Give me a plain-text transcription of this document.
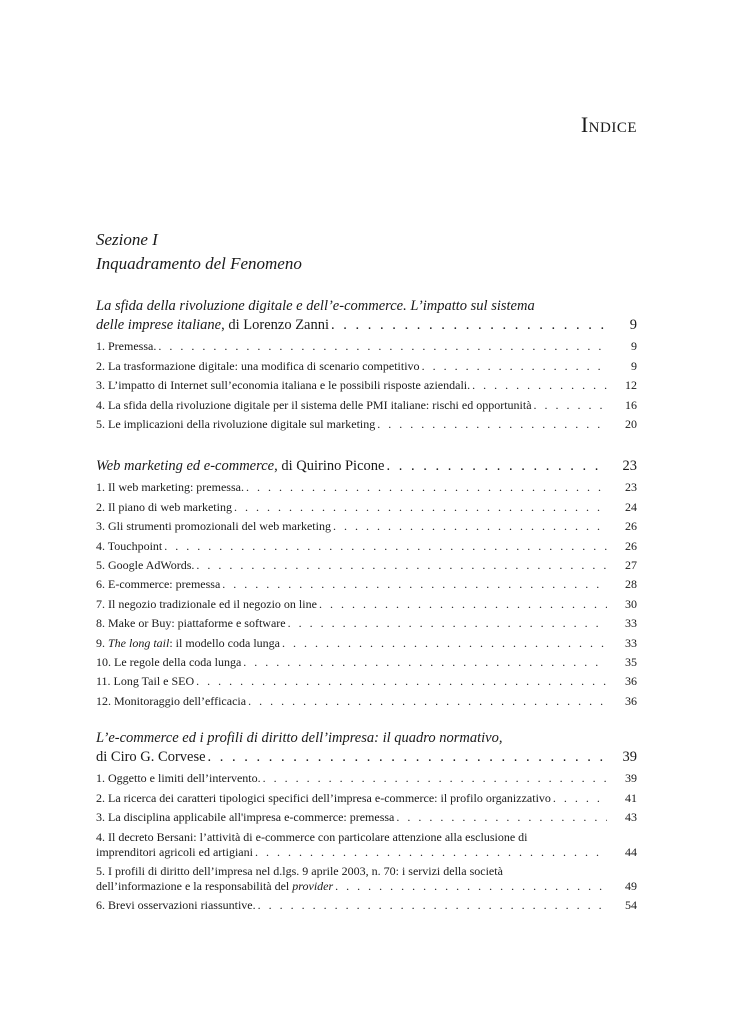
Indice
Sezione I
Inquadramento del Fenomeno
La sfida della rivoluzione digitale e dell’e-commerce. L’impatto sul sistema
delle imprese italiane, di Lorenzo Zanni . . .	9
1. Premessa. . . .	9
2. La trasformazione digitale: una modifica di scenario competitivo . . .	9
3. L’impatto di Internet sull’economia italiana e le possibili risposte aziendali. . . .	12
4. La sfida della rivoluzione digitale per il sistema delle PMI italiane: rischi ed opportunità . . .	16
5. Le implicazioni della rivoluzione digitale sul marketing . . .	20
Web marketing ed e-commerce, di Quirino Picone . . .	23
1. Il web marketing: premessa. . . .	23
2. Il piano di web marketing . . .	24
3. Gli strumenti promozionali del web marketing . . .	26
4. Touchpoint . . .	26
5. Google AdWords. . . .	27
6. E-commerce: premessa . . .	28
7. Il negozio tradizionale ed il negozio on line . . .	30
8. Make or Buy: piattaforme e software . . .	33
9. The long tail: il modello coda lunga . . .	33
10. Le regole della coda lunga . . .	35
11. Long Tail e SEO . . .	36
12. Monitoraggio dell’efficacia . . .	36
L’e-commerce ed i profili di diritto dell’impresa: il quadro normativo,
di Ciro G. Corvese . . .	39
1. Oggetto e limiti dell’intervento. . . .	39
2. La ricerca dei caratteri tipologici specifici dell’impresa e-commerce: il profilo organizzativo . . .	41
3. La disciplina applicabile all'impresa e-commerce: premessa . . .	43
4. Il decreto Bersani: l’attività di e-commerce con particolare attenzione alla esclusione di
imprenditori agricoli ed artigiani . . .	44
5. I profili di diritto dell’impresa nel d.lgs. 9 aprile 2003, n. 70: i servizi della società
dell’informazione e la responsabilità del provider . . .	49
6. Brevi osservazioni riassuntive. . . .	54
